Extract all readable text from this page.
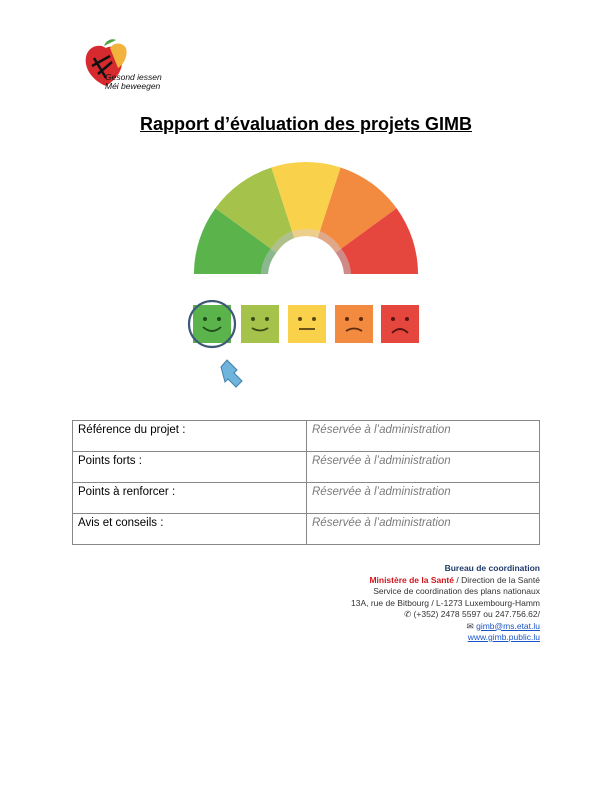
Gesond iessen
Méi beweegen
Rapport d’évaluation des projets GIMB
Référence du projet :	Réservée à l’administration
Points forts :	Réservée à l’administration
Points à renforcer :	Réservée à l’administration
Avis et conseils :	Réservée à l’administration
Bureau de coordination
Ministère de la Santé / Direction de la Santé
Service de coordination des plans nationaux
13A, rue de Bitbourg / L-1273 Luxembourg-Hamm
✆ (+352) 2478 5597 ou 247.756.62/
✉ gimb@ms.etat.lu
www.gimb.public.lu
